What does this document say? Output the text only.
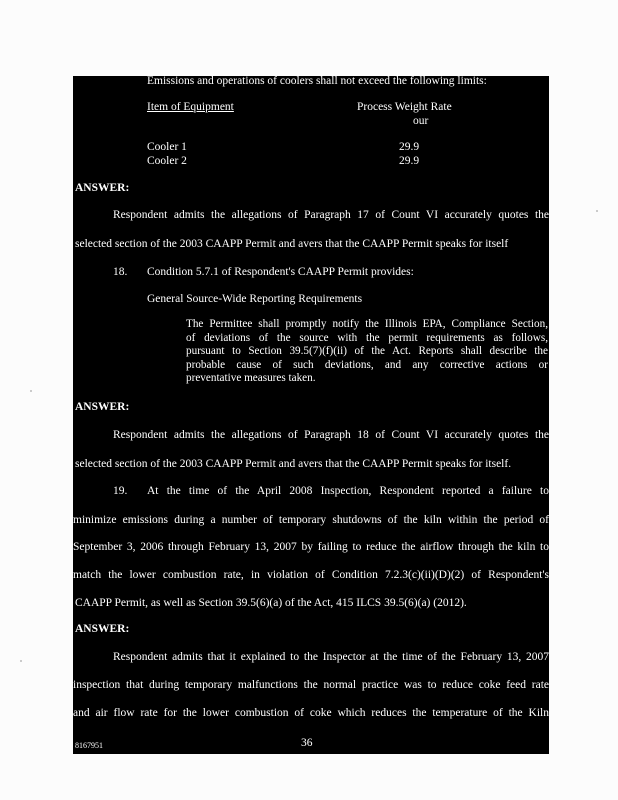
Emissions and operations of coolers shall not exceed the following limits:
Item of Equipment	Process Weight Rate
our
Cooler 1	29.9
Cooler 2	29.9
ANSWER:
Respondent admits the allegations of Paragraph 17 of Count VI accurately quotes the
selected section of the 2003 CAAPP Permit and avers that the CAAPP Permit speaks for itself
18. Condition 5.7.1 of Respondent's CAAPP Permit provides:
General Source-Wide Reporting Requirements
The Permittee shall promptly notify the Illinois EPA, Compliance Section,
of deviations of the source with the permit requirements as follows,
pursuant to Section 39.5(7)(f)(ii) of the Act. Reports shall describe the
probable cause of such deviations, and any corrective actions or
preventative measures taken.
ANSWER:
Respondent admits the allegations of Paragraph 18 of Count VI accurately quotes the
selected section of the 2003 CAAPP Permit and avers that the CAAPP Permit speaks for itself.
19. At the time of the April 2008 Inspection, Respondent reported a failure to
minimize emissions during a number of temporary shutdowns of the kiln within the period of
September 3, 2006 through February 13, 2007 by failing to reduce the airflow through the kiln to
match the lower combustion rate, in violation of Condition 7.2.3(c)(ii)(D)(2) of Respondent's
CAAPP Permit, as well as Section 39.5(6)(a) of the Act, 415 ILCS 39.5(6)(a) (2012).
ANSWER:
Respondent admits that it explained to the Inspector at the time of the February 13, 2007
inspection that during temporary malfunctions the normal practice was to reduce coke feed rate
and air flow rate for the lower combustion of coke which reduces the temperature of the Kiln
8167951	36
